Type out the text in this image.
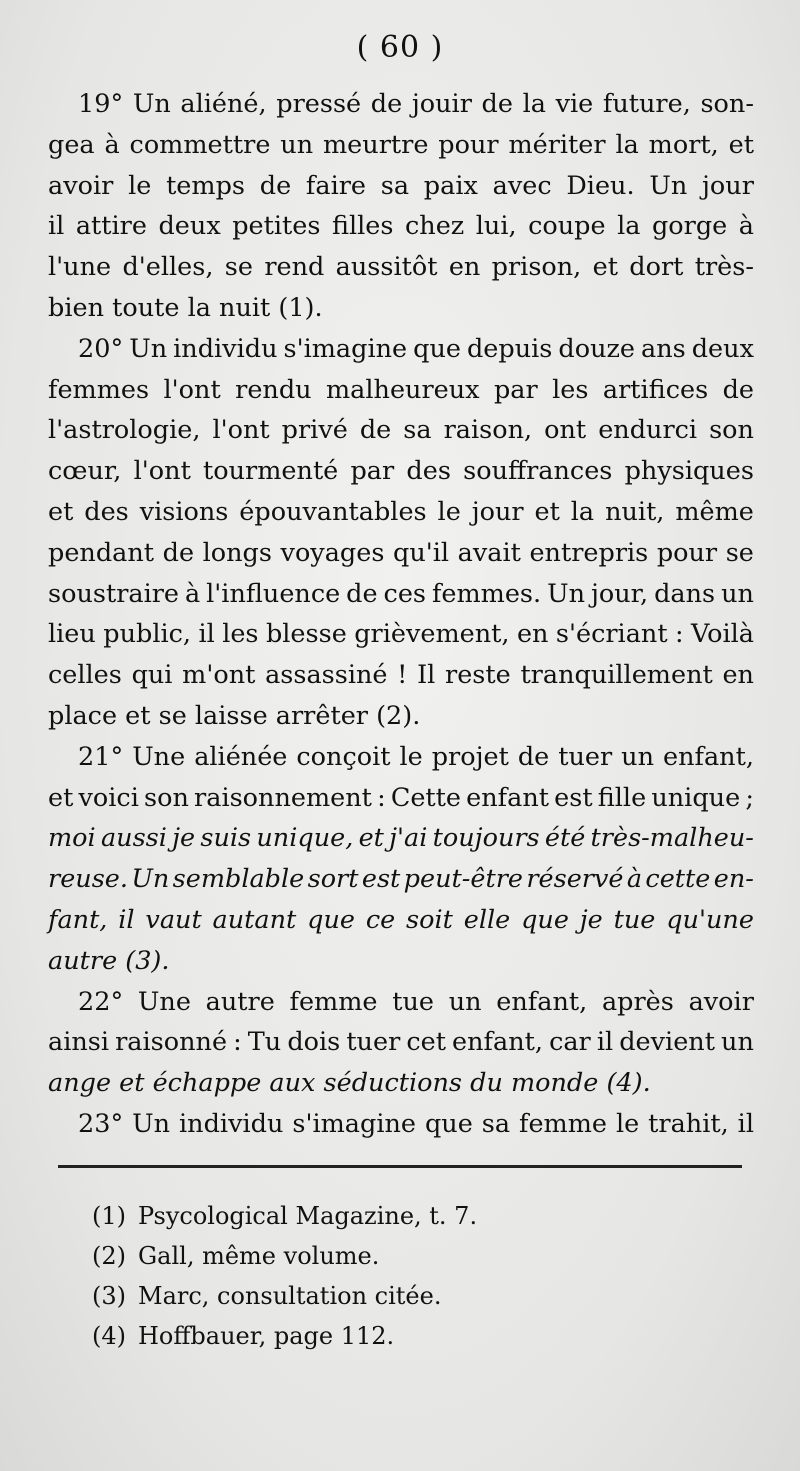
( 60 )
19° Un aliéné, pressé de jouir de la vie future, son-
gea à commettre un meurtre pour mériter la mort, et
avoir le temps de faire sa paix avec Dieu. Un jour
il attire deux petites filles chez lui, coupe la gorge à
l'une d'elles, se rend aussitôt en prison, et dort très-
bien toute la nuit (1).
20° Un individu s'imagine que depuis douze ans deux
femmes l'ont rendu malheureux par les artifices de
l'astrologie, l'ont privé de sa raison, ont endurci son
cœur, l'ont tourmenté par des souffrances physiques
et des visions épouvantables le jour et la nuit, même
pendant de longs voyages qu'il avait entrepris pour se
soustraire à l'influence de ces femmes. Un jour, dans un
lieu public, il les blesse grièvement, en s'écriant : Voilà
celles qui m'ont assassiné ! Il reste tranquillement en
place et se laisse arrêter (2).
21° Une aliénée conçoit le projet de tuer un enfant,
et voici son raisonnement : Cette enfant est fille unique ;
moi aussi je suis unique, et j'ai toujours été très-malheu-
reuse. Un semblable sort est peut-être réservé à cette en-
fant, il vaut autant que ce soit elle que je tue qu'une
autre (3).
22° Une autre femme tue un enfant, après avoir
ainsi raisonné : Tu dois tuer cet enfant, car il devient un
ange et échappe aux séductions du monde (4).
23° Un individu s'imagine que sa femme le trahit, il
(1) Psycological Magazine, t. 7.
(2) Gall, même volume.
(3) Marc, consultation citée.
(4) Hoffbauer, page 112.
